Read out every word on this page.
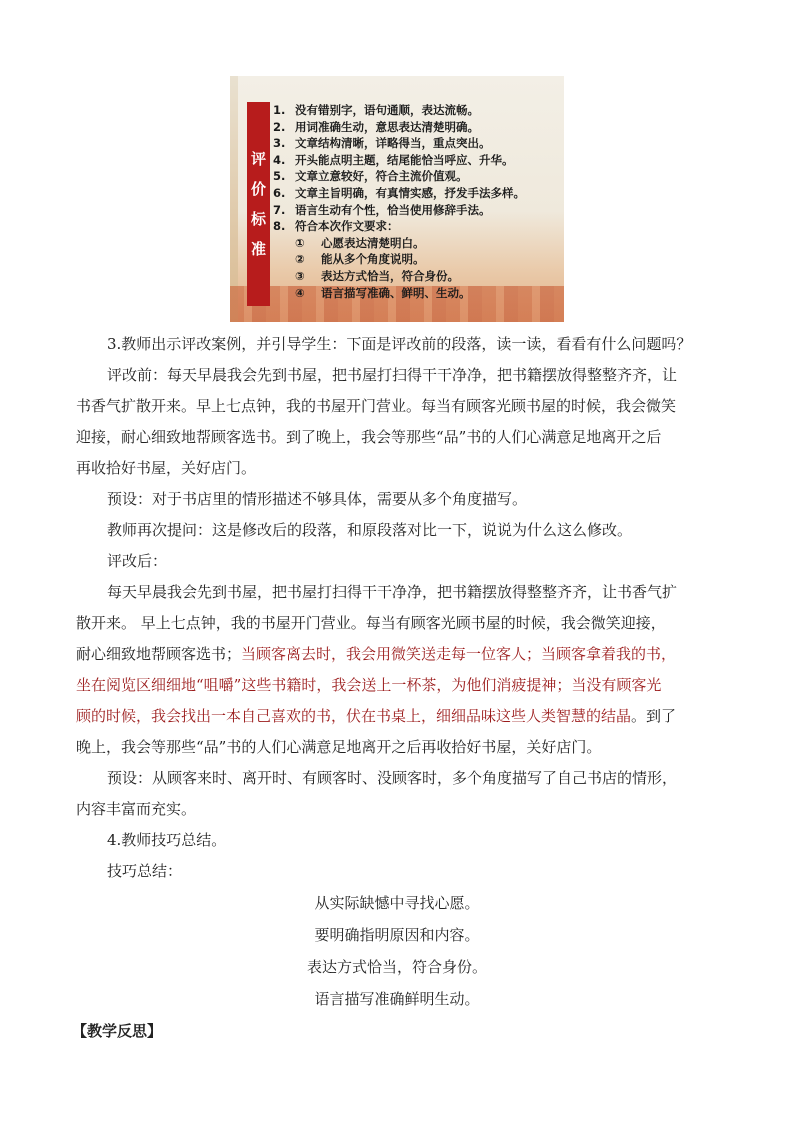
评
价
标
准
1. 没有错别字，语句通顺，表达流畅。
2. 用词准确生动，意思表达清楚明确。
3. 文章结构清晰，详略得当，重点突出。
4. 开头能点明主题，结尾能恰当呼应、升华。
5. 文章立意较好，符合主流价值观。
6. 文章主旨明确，有真情实感，抒发手法多样。
7. 语言生动有个性，恰当使用修辞手法。
8. 符合本次作文要求：
① 心愿表达清楚明白。
② 能从多个角度说明。
③ 表达方式恰当，符合身份。
④ 语言描写准确、鲜明、生动。

3.教师出示评改案例，并引导学生：下面是评改前的段落，读一读，看看有什么问题吗？

评改前：每天早晨我会先到书屋，把书屋打扫得干干净净，把书籍摆放得整整齐齐，让

书香气扩散开来。早上七点钟，我的书屋开门营业。每当有顾客光顾书屋的时候，我会微笑

迎接，耐心细致地帮顾客选书。到了晚上，我会等那些“品”书的人们心满意足地离开之后

再收拾好书屋，关好店门。

预设：对于书店里的情形描述不够具体，需要从多个角度描写。

教师再次提问：这是修改后的段落，和原段落对比一下，说说为什么这么修改。

评改后：

每天早晨我会先到书屋，把书屋打扫得干干净净，把书籍摆放得整整齐齐，让书香气扩

散开来。 早上七点钟，我的书屋开门营业。每当有顾客光顾书屋的时候，我会微笑迎接，

耐心细致地帮顾客选书；当顾客离去时，我会用微笑送走每一位客人；当顾客拿着我的书，

坐在阅览区细细地“咀嚼”这些书籍时，我会送上一杯茶，为他们消疲提神；当没有顾客光

顾的时候，我会找出一本自己喜欢的书，伏在书桌上，细细品味这些人类智慧的结晶。到了

晚上，我会等那些“品”书的人们心满意足地离开之后再收拾好书屋，关好店门。

预设：从顾客来时、离开时、有顾客时、没顾客时，多个角度描写了自己书店的情形，

内容丰富而充实。

4.教师技巧总结。

技巧总结：

从实际缺憾中寻找心愿。

要明确指明原因和内容。

表达方式恰当，符合身份。

语言描写准确鲜明生动。

【教学反思】
